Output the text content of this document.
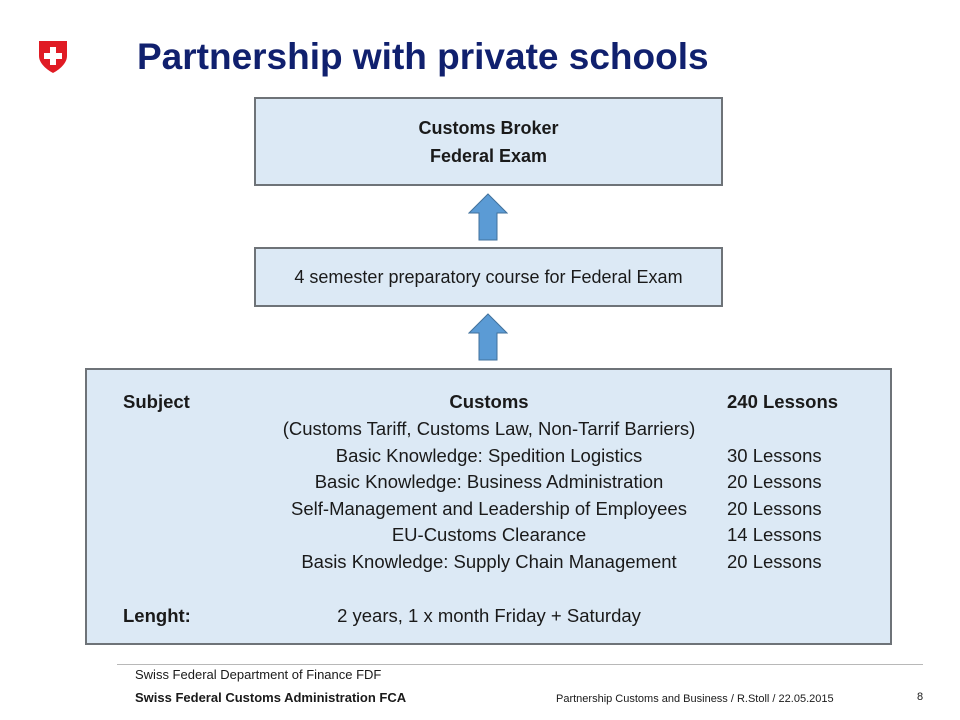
Partnership with private schools
Customs Broker
Federal Exam
4 semester preparatory course for Federal Exam
Subject	Customs	240 Lessons
(Customs Tariff, Customs Law, Non-Tarrif Barriers)
Basic Knowledge: Spedition Logistics	30 Lessons
Basic Knowledge: Business Administration	20 Lessons
Self-Management and Leadership of Employees	20 Lessons
EU-Customs Clearance	14 Lessons
Basis Knowledge: Supply Chain Management	20 Lessons
Lenght:	2 years, 1 x month Friday + Saturday
Swiss Federal Department of Finance FDF
Swiss Federal Customs Administration FCA	Partnership Customs and Business / R.Stoll / 22.05.2015	8
